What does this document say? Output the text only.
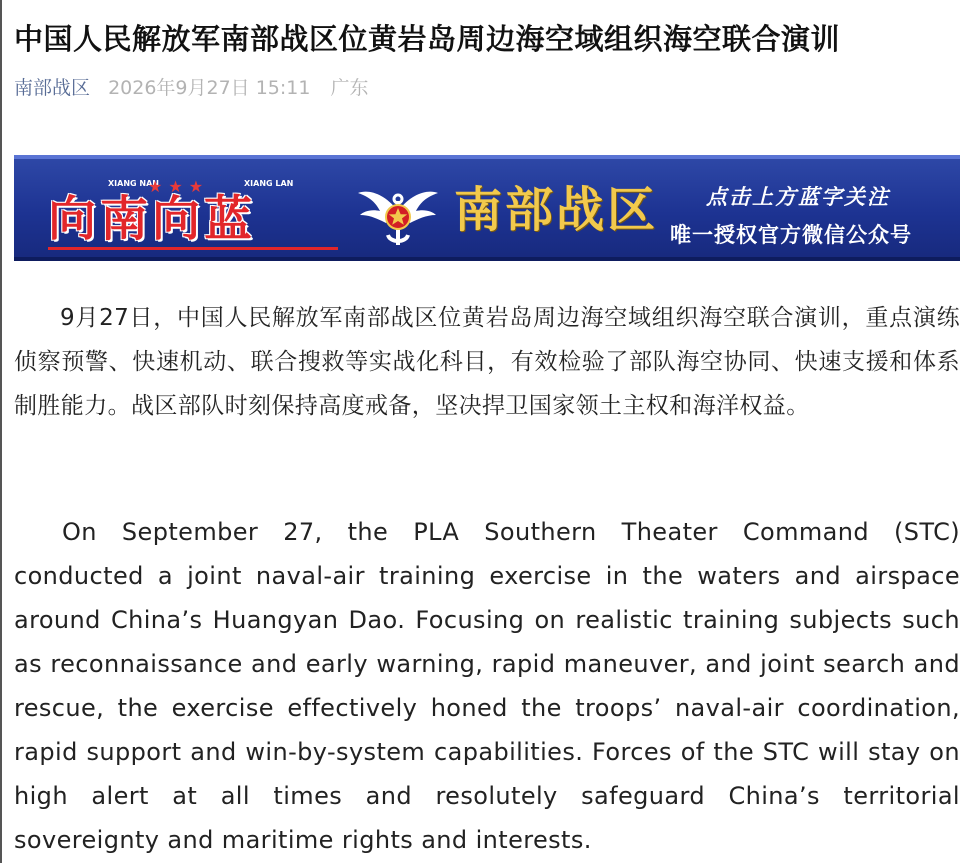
中国人民解放军南部战区位黄岩岛周边海空域组织海空联合演训
南部战区 2026年9月27日 15:11 广东
XIANG NAN
★★★	XIANG LAN
向南向蓝	南部战区 点击上方蓝字关注
唯一授权官方微信公众号

9月27日，中国人民解放军南部战区位黄岩岛周边海空域组织海空联合演训，重点演练侦察预警、快速机动、联合搜救等实战化科目，有效检验了部队海空协同、快速支援和体系制胜能力。战区部队时刻保持高度戒备，坚决捍卫国家领土主权和海洋权益。

On September 27, the PLA Southern Theater Command (STC) conducted a joint naval-air training exercise in the waters and airspace around China’s Huangyan Dao. Focusing on realistic training subjects such as reconnaissance and early warning, rapid maneuver, and joint search and rescue, the exercise effectively honed the troops’ naval-air coordination, rapid support and win-by-system capabilities. Forces of the STC will stay on high alert at all times and resolutely safeguard China’s territorial sovereignty and maritime rights and interests.
